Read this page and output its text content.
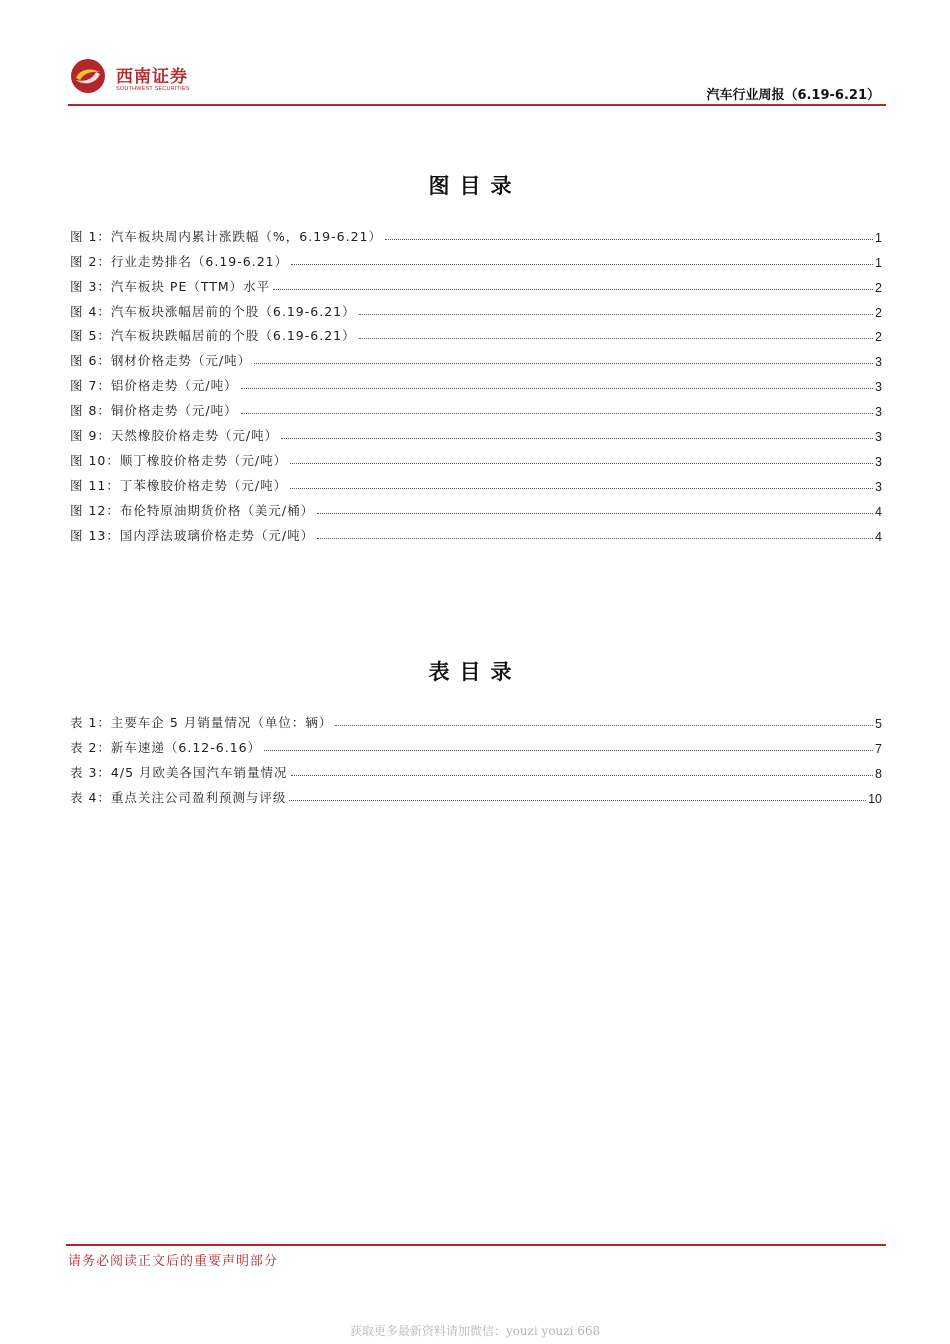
西南证券
SOUTHWEST SECURITIES	汽车行业周报（6.19-6.21）
图目录
图 1：汽车板块周内累计涨跌幅（%，6.19-6.21）	1
图 2：行业走势排名（6.19-6.21）	1
图 3：汽车板块 PE（TTM）水平	2
图 4：汽车板块涨幅居前的个股（6.19-6.21）	2
图 5：汽车板块跌幅居前的个股（6.19-6.21）	2
图 6：钢材价格走势（元/吨）	3
图 7：铝价格走势（元/吨）	3
图 8：铜价格走势（元/吨）	3
图 9：天然橡胶价格走势（元/吨）	3
图 10：顺丁橡胶价格走势（元/吨）	3
图 11：丁苯橡胶价格走势（元/吨）	3
图 12：布伦特原油期货价格（美元/桶）	4
图 13：国内浮法玻璃价格走势（元/吨）	4
表目录
表 1：主要车企 5 月销量情况（单位：辆）	5
表 2：新车速递（6.12-6.16）	7
表 3：4/5 月欧美各国汽车销量情况	8
表 4：重点关注公司盈利预测与评级	10
请务必阅读正文后的重要声明部分
获取更多最新资料请加微信：youzi youzi 668
